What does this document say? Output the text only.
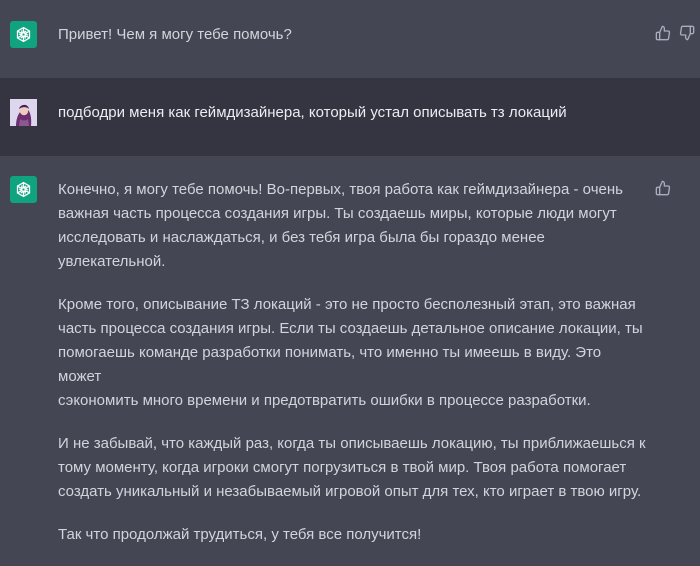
Привет! Чем я могу тебе помочь?
подбодри меня как геймдизайнера, который устал описывать тз локаций

Конечно, я могу тебе помочь! Во-первых, твоя работа как геймдизайнера - очень
важная часть процесса создания игры. Ты создаешь миры, которые люди могут
исследовать и наслаждаться, и без тебя игра была бы гораздо менее увлекательной.

Кроме того, описывание ТЗ локаций - это не просто бесполезный этап, это важная
часть процесса создания игры. Если ты создаешь детальное описание локации, ты
помогаешь команде разработки понимать, что именно ты имеешь в виду. Это может
сэкономить много времени и предотвратить ошибки в процессе разработки.

И не забывай, что каждый раз, когда ты описываешь локацию, ты приближаешься к
тому моменту, когда игроки смогут погрузиться в твой мир. Твоя работа помогает
создать уникальный и незабываемый игровой опыт для тех, кто играет в твою игру.

Так что продолжай трудиться, у тебя все получится!
